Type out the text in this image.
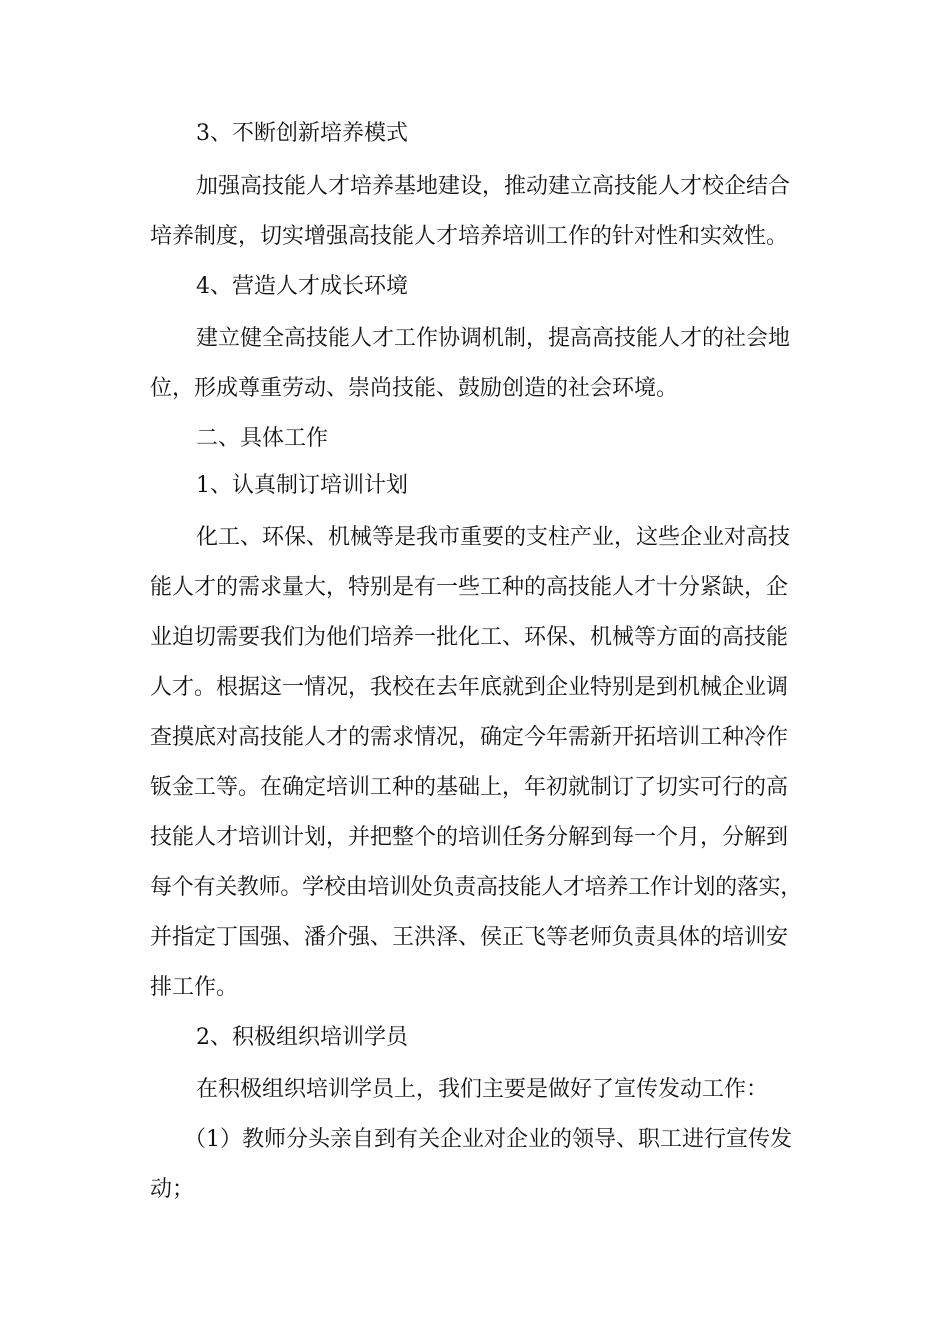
3、不断创新培养模式
加强高技能人才培养基地建设，推动建立高技能人才校企结合
培养制度，切实增强高技能人才培养培训工作的针对性和实效性。
4、营造人才成长环境
建立健全高技能人才工作协调机制，提高高技能人才的社会地
位，形成尊重劳动、崇尚技能、鼓励创造的社会环境。
二、具体工作
1、认真制订培训计划
化工、环保、机械等是我市重要的支柱产业，这些企业对高技
能人才的需求量大，特别是有一些工种的高技能人才十分紧缺，企
业迫切需要我们为他们培养一批化工、环保、机械等方面的高技能
人才。根据这一情况，我校在去年底就到企业特别是到机械企业调
查摸底对高技能人才的需求情况，确定今年需新开拓培训工种冷作
钣金工等。在确定培训工种的基础上，年初就制订了切实可行的高
技能人才培训计划，并把整个的培训任务分解到每一个月，分解到
每个有关教师。学校由培训处负责高技能人才培养工作计划的落实，
并指定丁国强、潘介强、王洪泽、侯正飞等老师负责具体的培训安
排工作。
2、积极组织培训学员
在积极组织培训学员上，我们主要是做好了宣传发动工作：
（1）教师分头亲自到有关企业对企业的领导、职工进行宣传发
动；
